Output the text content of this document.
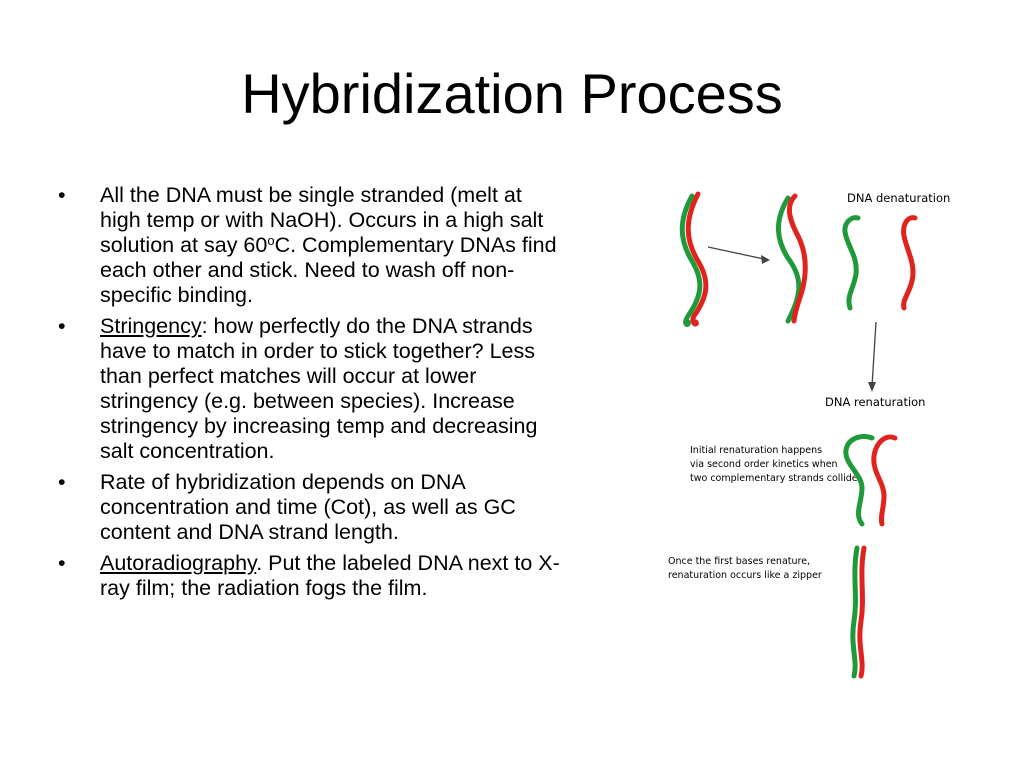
Hybridization Process
•	All the DNA must be single stranded (melt at high temp or with NaOH). Occurs in a high salt solution at say 60$^o$C. Complementary DNAs find each other and stick. Need to wash off non-specific binding.
•	Stringency: how perfectly do the DNA strands have to match in order to stick together? Less than perfect matches will occur at lower stringency (e.g. between species). Increase stringency by increasing temp and decreasing salt concentration.
•	Rate of hybridization depends on DNA concentration and time (Cot), as well as GC content and DNA strand length.
•	Autoradiography. Put the labeled DNA next to X-ray film; the radiation fogs the film.
DNA denaturation
DNA renaturation
Initial renaturation happens
via second order kinetics when
two complementary strands collide
Once the first bases renature,
renaturation occurs like a zipper
